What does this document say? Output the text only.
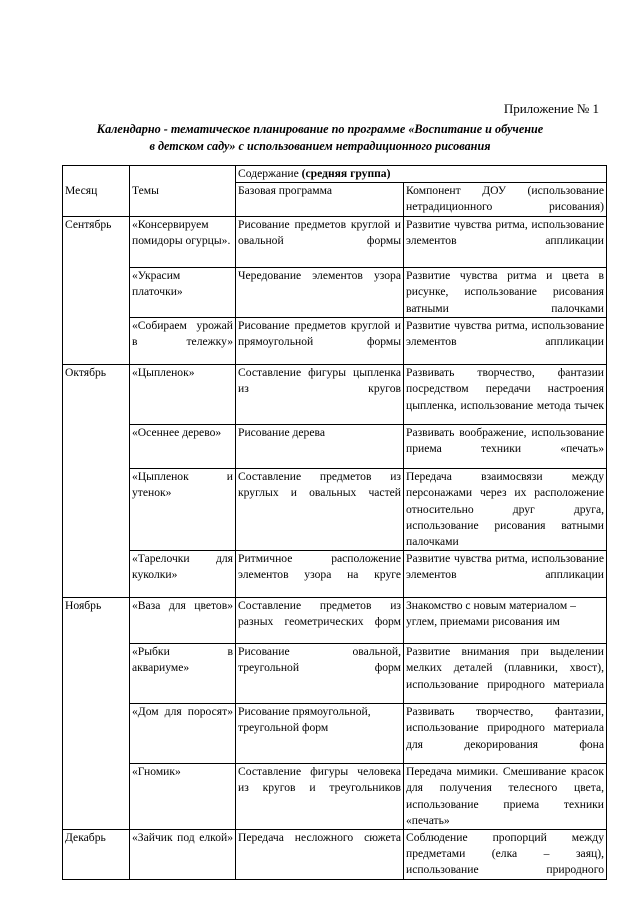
Приложение № 1
Календарно - тематическое планирование по программе «Воспитание и обучение
в детском саду» с использованием нетрадиционного рисования
Месяц	Темы	Содержание (средняя группа)	
		Базовая программа	Компонент ДОУ (использование нетрадиционного рисования)
Сентябрь	«Консервируем помидоры огурцы».	Рисование предметов круглой и овальной формы	Развитие чувства ритма, использование элементов аппликации
	«Украсим платочки»	Чередование элементов узора	Развитие чувства ритма и цвета в рисунке, использование рисования ватными палочками
	«Собираем урожай в тележку»	Рисование предметов круглой и прямоугольной формы	Развитие чувства ритма, использование элементов аппликации
Октябрь	«Цыпленок»	Составление фигуры цыпленка из кругов	Развивать творчество, фантазии посредством передачи настроения цыпленка, использование метода тычек
	«Осеннее дерево»	Рисование дерева	Развивать воображение, использование приема техники «печать»
	«Цыпленок и утенок»	Составление предметов из круглых и овальных частей	Передача взаимосвязи между персонажами через их расположение относительно друг друга, использование рисования ватными палочками
	«Тарелочки для куколки»	Ритмичное расположение элементов узора на круге	Развитие чувства ритма, использование элементов аппликации
Ноябрь	«Ваза для цветов»	Составление предметов из разных геометрических форм	Знакомство с новым материалом – углем, приемами рисования им
	«Рыбки в аквариуме»	Рисование овальной, треугольной форм	Развитие внимания при выделении мелких деталей (плавники, хвост), использование природного материала
	«Дом для поросят»	Рисование прямоугольной, треугольной форм	Развивать творчество, фантазии, использование природного материала для декорирования фона
	«Гномик»	Составление фигуры человека из кругов и треугольников	Передача мимики. Смешивание красок для получения телесного цвета, использование приема техники «печать»
Декабрь	«Зайчик под елкой»	Передача несложного сюжета	Соблюдение пропорций между предметами (елка – заяц), использование природного
